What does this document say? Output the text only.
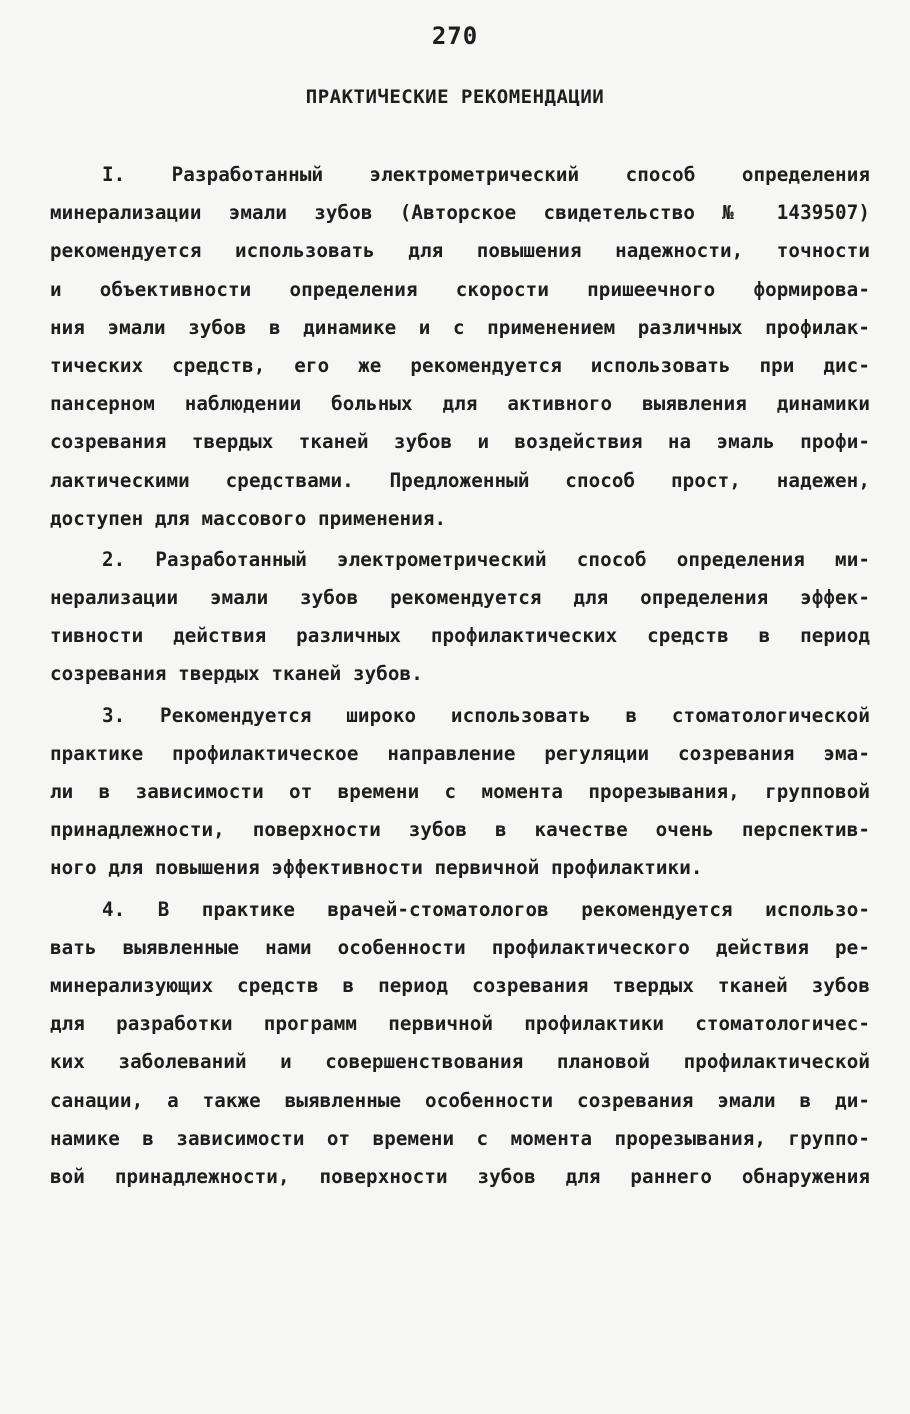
270
ПРАКТИЧЕСКИЕ РЕКОМЕНДАЦИИ
I. Разработанный электрометрический способ определения
минерализации эмали зубов (Авторское свидетельство № 1439507)
рекомендуется использовать для повышения надежности, точности
и объективности определения скорости пришеечного формирова-
ния эмали зубов в динамике и с применением различных профилак-
тических средств, его же рекомендуется использовать при дис-
пансерном наблюдении больных для активного выявления динамики
созревания твердых тканей зубов и воздействия на эмаль профи-
лактическими средствами. Предложенный способ прост, надежен,
доступен для массового применения.
2. Разработанный электрометрический способ определения ми-
нерализации эмали зубов рекомендуется для определения эффек-
тивности действия различных профилактических средств в период
созревания твердых тканей зубов.
3. Рекомендуется широко использовать в стоматологической
практике профилактическое направление регуляции созревания эма-
ли в зависимости от времени с момента прорезывания, групповой
принадлежности, поверхности зубов в качестве очень перспектив-
ного для повышения эффективности первичной профилактики.
4. В практике врачей-стоматологов рекомендуется использо-
вать выявленные нами особенности профилактического действия ре-
минерализующих средств в период созревания твердых тканей зубов
для разработки программ первичной профилактики стоматологичес-
ких заболеваний и совершенствования плановой профилактической
санации, а также выявленные особенности созревания эмали в ди-
намике в зависимости от времени с момента прорезывания, группо-
вой принадлежности, поверхности зубов для раннего обнаружения
